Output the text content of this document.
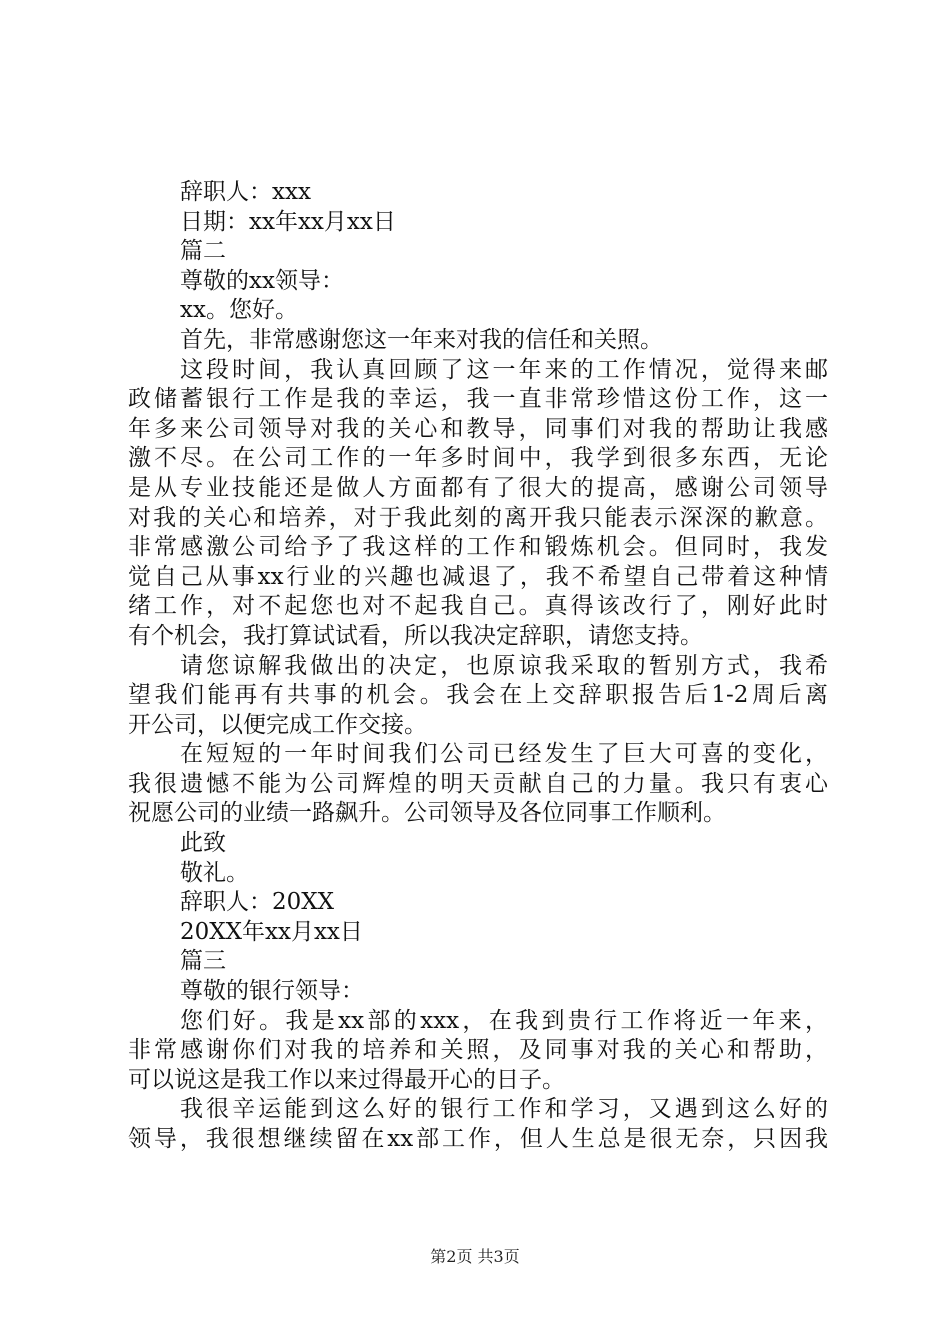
辞职人：xxx
日期：xx年xx月xx日
篇二
尊敬的xx领导：
xx。您好。
首先，非常感谢您这一年来对我的信任和关照。
这段时间，我认真回顾了这一年来的工作情况，觉得来邮
政储蓄银行工作是我的幸运，我一直非常珍惜这份工作，这一
年多来公司领导对我的关心和教导，同事们对我的帮助让我感
激不尽。在公司工作的一年多时间中，我学到很多东西，无论
是从专业技能还是做人方面都有了很大的提高，感谢公司领导
对我的关心和培养，对于我此刻的离开我只能表示深深的歉意。
非常感激公司给予了我这样的工作和锻炼机会。但同时，我发
觉自己从事xx行业的兴趣也减退了，我不希望自己带着这种情
绪工作，对不起您也对不起我自己。真得该改行了，刚好此时
有个机会，我打算试试看，所以我决定辞职，请您支持。
请您谅解我做出的决定，也原谅我采取的暂别方式，我希
望我们能再有共事的机会。我会在上交辞职报告后1-2周后离
开公司，以便完成工作交接。
在短短的一年时间我们公司已经发生了巨大可喜的变化，
我很遗憾不能为公司辉煌的明天贡献自己的力量。我只有衷心
祝愿公司的业绩一路飙升。公司领导及各位同事工作顺利。
此致
敬礼。
辞职人：20XX
20XX年xx月xx日
篇三
尊敬的银行领导：
您们好。我是xx部的xxx，在我到贵行工作将近一年来，
非常感谢你们对我的培养和关照，及同事对我的关心和帮助，
可以说这是我工作以来过得最开心的日子。
我很辛运能到这么好的银行工作和学习，又遇到这么好的
领导，我很想继续留在xx部工作，但人生总是很无奈，只因我
第2页 共3页
